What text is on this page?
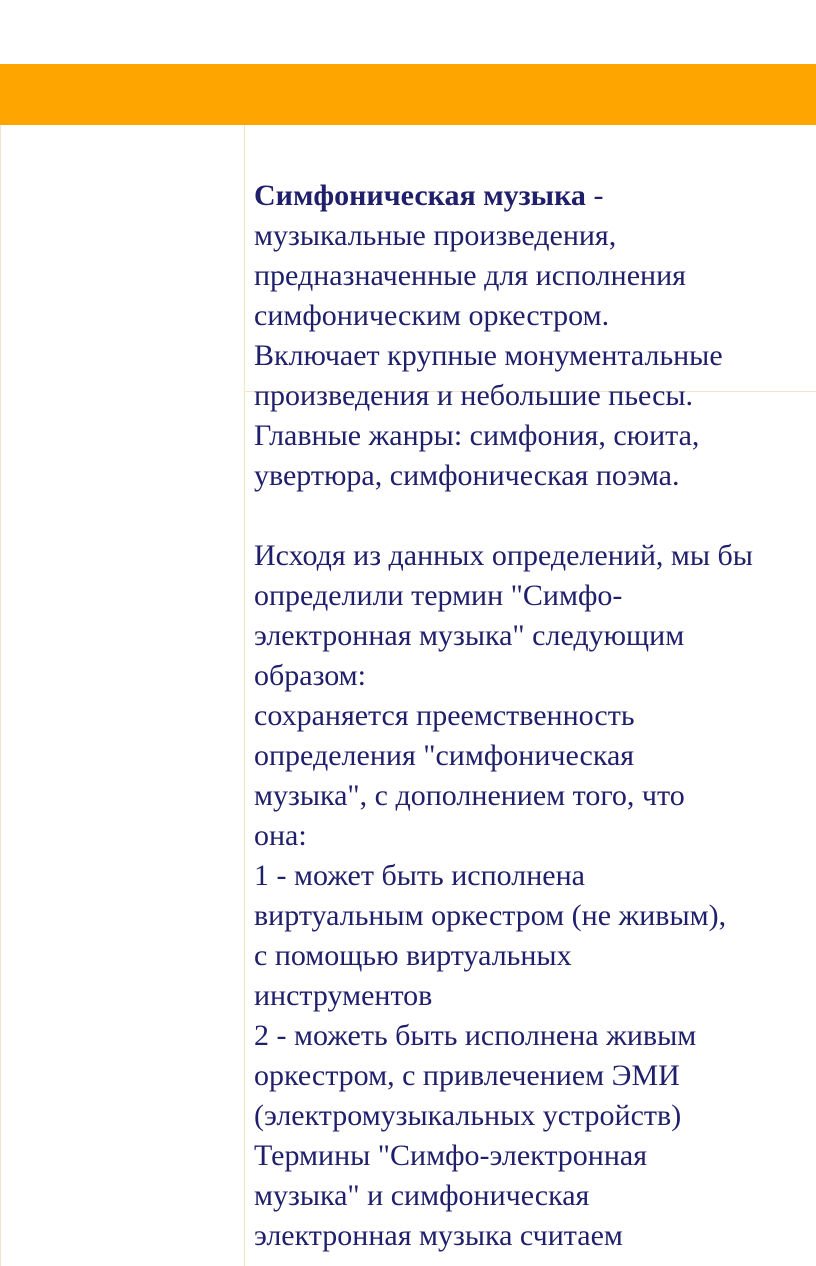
Симфоническая музыка -
музыкальные произведения,
предназначенные для исполнения
симфоническим оркестром.
Включает крупные монументальные
произведения и небольшие пьесы.
Главные жанры: симфония, сюита,
увертюра, симфоническая поэма.
Исходя из данных определений, мы бы
определили термин "Симфо-
электронная музыка" следующим
образом:
сохраняется преемственность
определения "симфоническая
музыка", с дополнением того, что
она:
1 - может быть исполнена
виртуальным оркестром (не живым),
с помощью виртуальных
инструментов
2 - можеть быть исполнена живым
оркестром, с привлечением ЭМИ
(электромузыкальных устройств)
Термины "Симфо-электронная
музыка" и симфоническая
электронная музыка считаем
